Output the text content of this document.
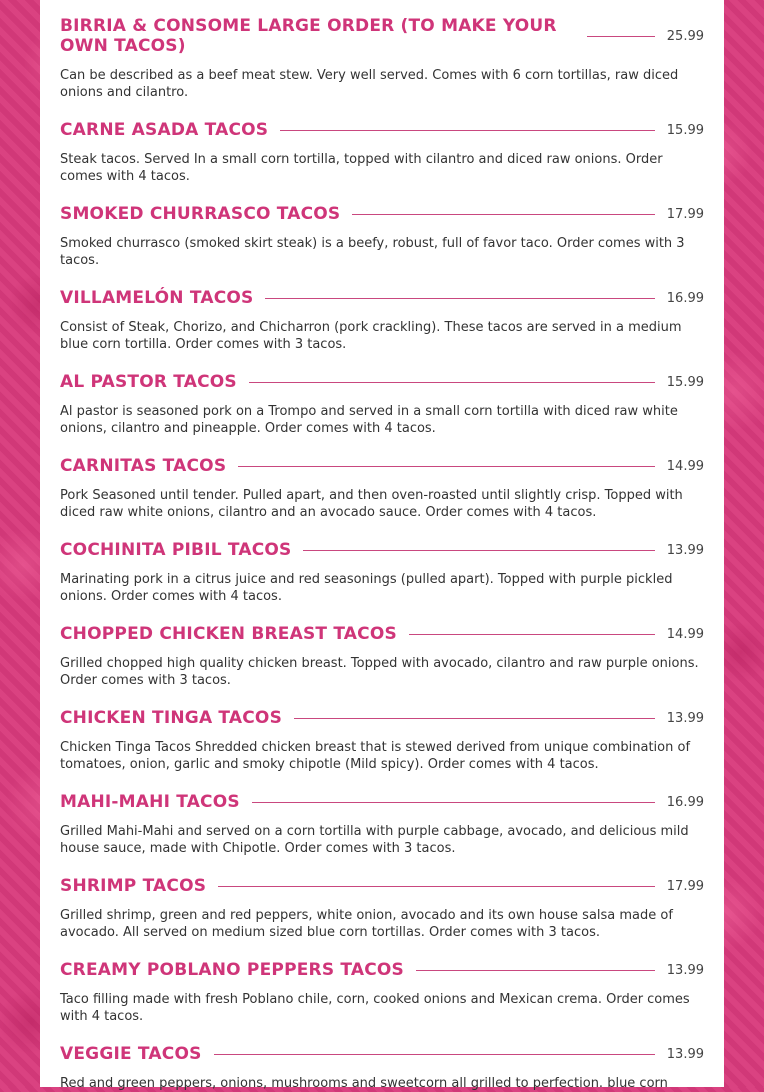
BIRRIA & CONSOME LARGE ORDER (TO MAKE YOUR OWN TACOS)	25.99
Can be described as a beef meat stew. Very well served. Comes with 6 corn tortillas, raw diced onions and cilantro.
CARNE ASADA TACOS	15.99
Steak tacos. Served In a small corn tortilla, topped with cilantro and diced raw onions. Order comes with 4 tacos.
SMOKED CHURRASCO TACOS	17.99
Smoked churrasco (smoked skirt steak) is a beefy, robust, full of favor taco. Order comes with 3 tacos.
VILLAMELÓN TACOS	16.99
Consist of Steak, Chorizo, and Chicharron (pork crackling). These tacos are served in a medium blue corn tortilla. Order comes with 3 tacos.
AL PASTOR TACOS	15.99
Al pastor is seasoned pork on a Trompo and served in a small corn tortilla with diced raw white onions, cilantro and pineapple. Order comes with 4 tacos.
CARNITAS TACOS	14.99
Pork Seasoned until tender. Pulled apart, and then oven-roasted until slightly crisp. Topped with diced raw white onions, cilantro and an avocado sauce. Order comes with 4 tacos.
COCHINITA PIBIL TACOS	13.99
Marinating pork in a citrus juice and red seasonings (pulled apart). Topped with purple pickled onions. Order comes with 4 tacos.
CHOPPED CHICKEN BREAST TACOS	14.99
Grilled chopped high quality chicken breast. Topped with avocado, cilantro and raw purple onions. Order comes with 3 tacos.
CHICKEN TINGA TACOS	13.99
Chicken Tinga Tacos Shredded chicken breast that is stewed derived from unique combination of tomatoes, onion, garlic and smoky chipotle (Mild spicy). Order comes with 4 tacos.
MAHI-MAHI TACOS	16.99
Grilled Mahi-Mahi and served on a corn tortilla with purple cabbage, avocado, and delicious mild house sauce, made with Chipotle. Order comes with 3 tacos.
SHRIMP TACOS	17.99
Grilled shrimp, green and red peppers, white onion, avocado and its own house salsa made of avocado. All served on medium sized blue corn tortillas. Order comes with 3 tacos.
CREAMY POBLANO PEPPERS TACOS	13.99
Taco filling made with fresh Poblano chile, corn, cooked onions and Mexican crema. Order comes with 4 tacos.
VEGGIE TACOS	13.99
Red and green peppers, onions, mushrooms and sweetcorn all grilled to perfection. blue corn
